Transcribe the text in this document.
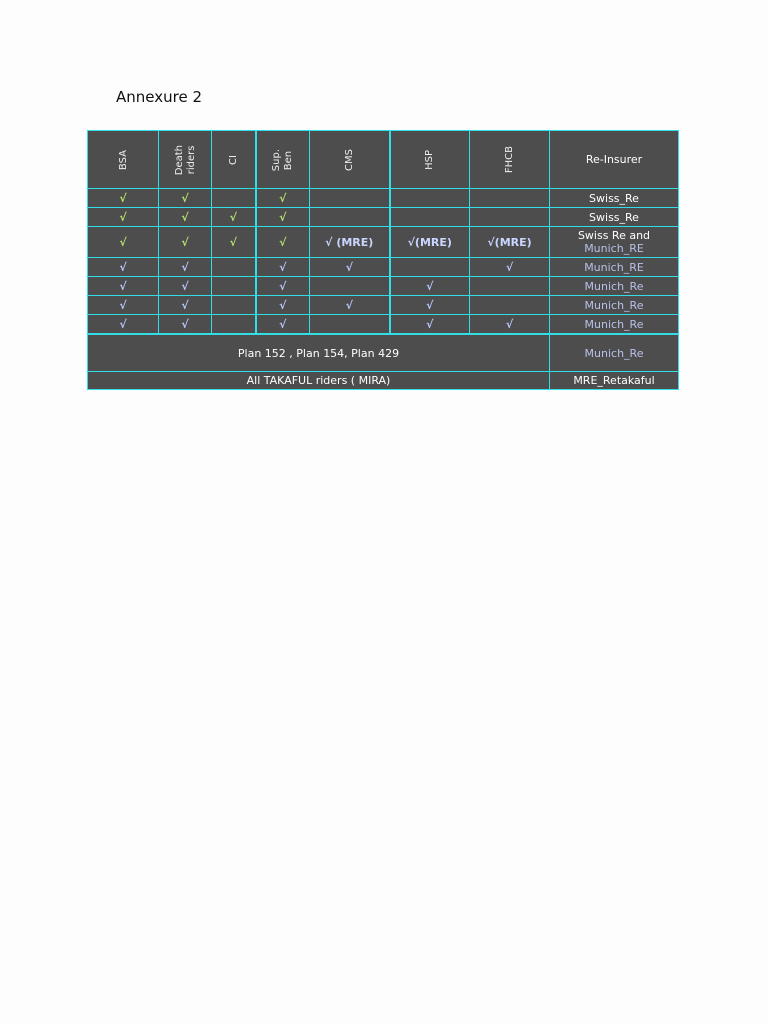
Annexure 2
BSA	Death riders	CI	Sup. Ben	CMS	HSP	FHCB	Re-Insurer
√	√		√				Swiss_Re
√	√	√	√				Swiss_Re
√	√	√	√	√ (MRE)	√(MRE)	√(MRE)	Swiss Re and
Munich_RE

√	√		√	√		√	Munich_RE
√	√		√		√		Munich_Re
√	√		√	√	√		Munich_Re
√	√		√		√	√	Munich_Re
Plan 152 , Plan 154, Plan 429							Munich_Re
All TAKAFUL riders ( MIRA)							MRE_Retakaful
